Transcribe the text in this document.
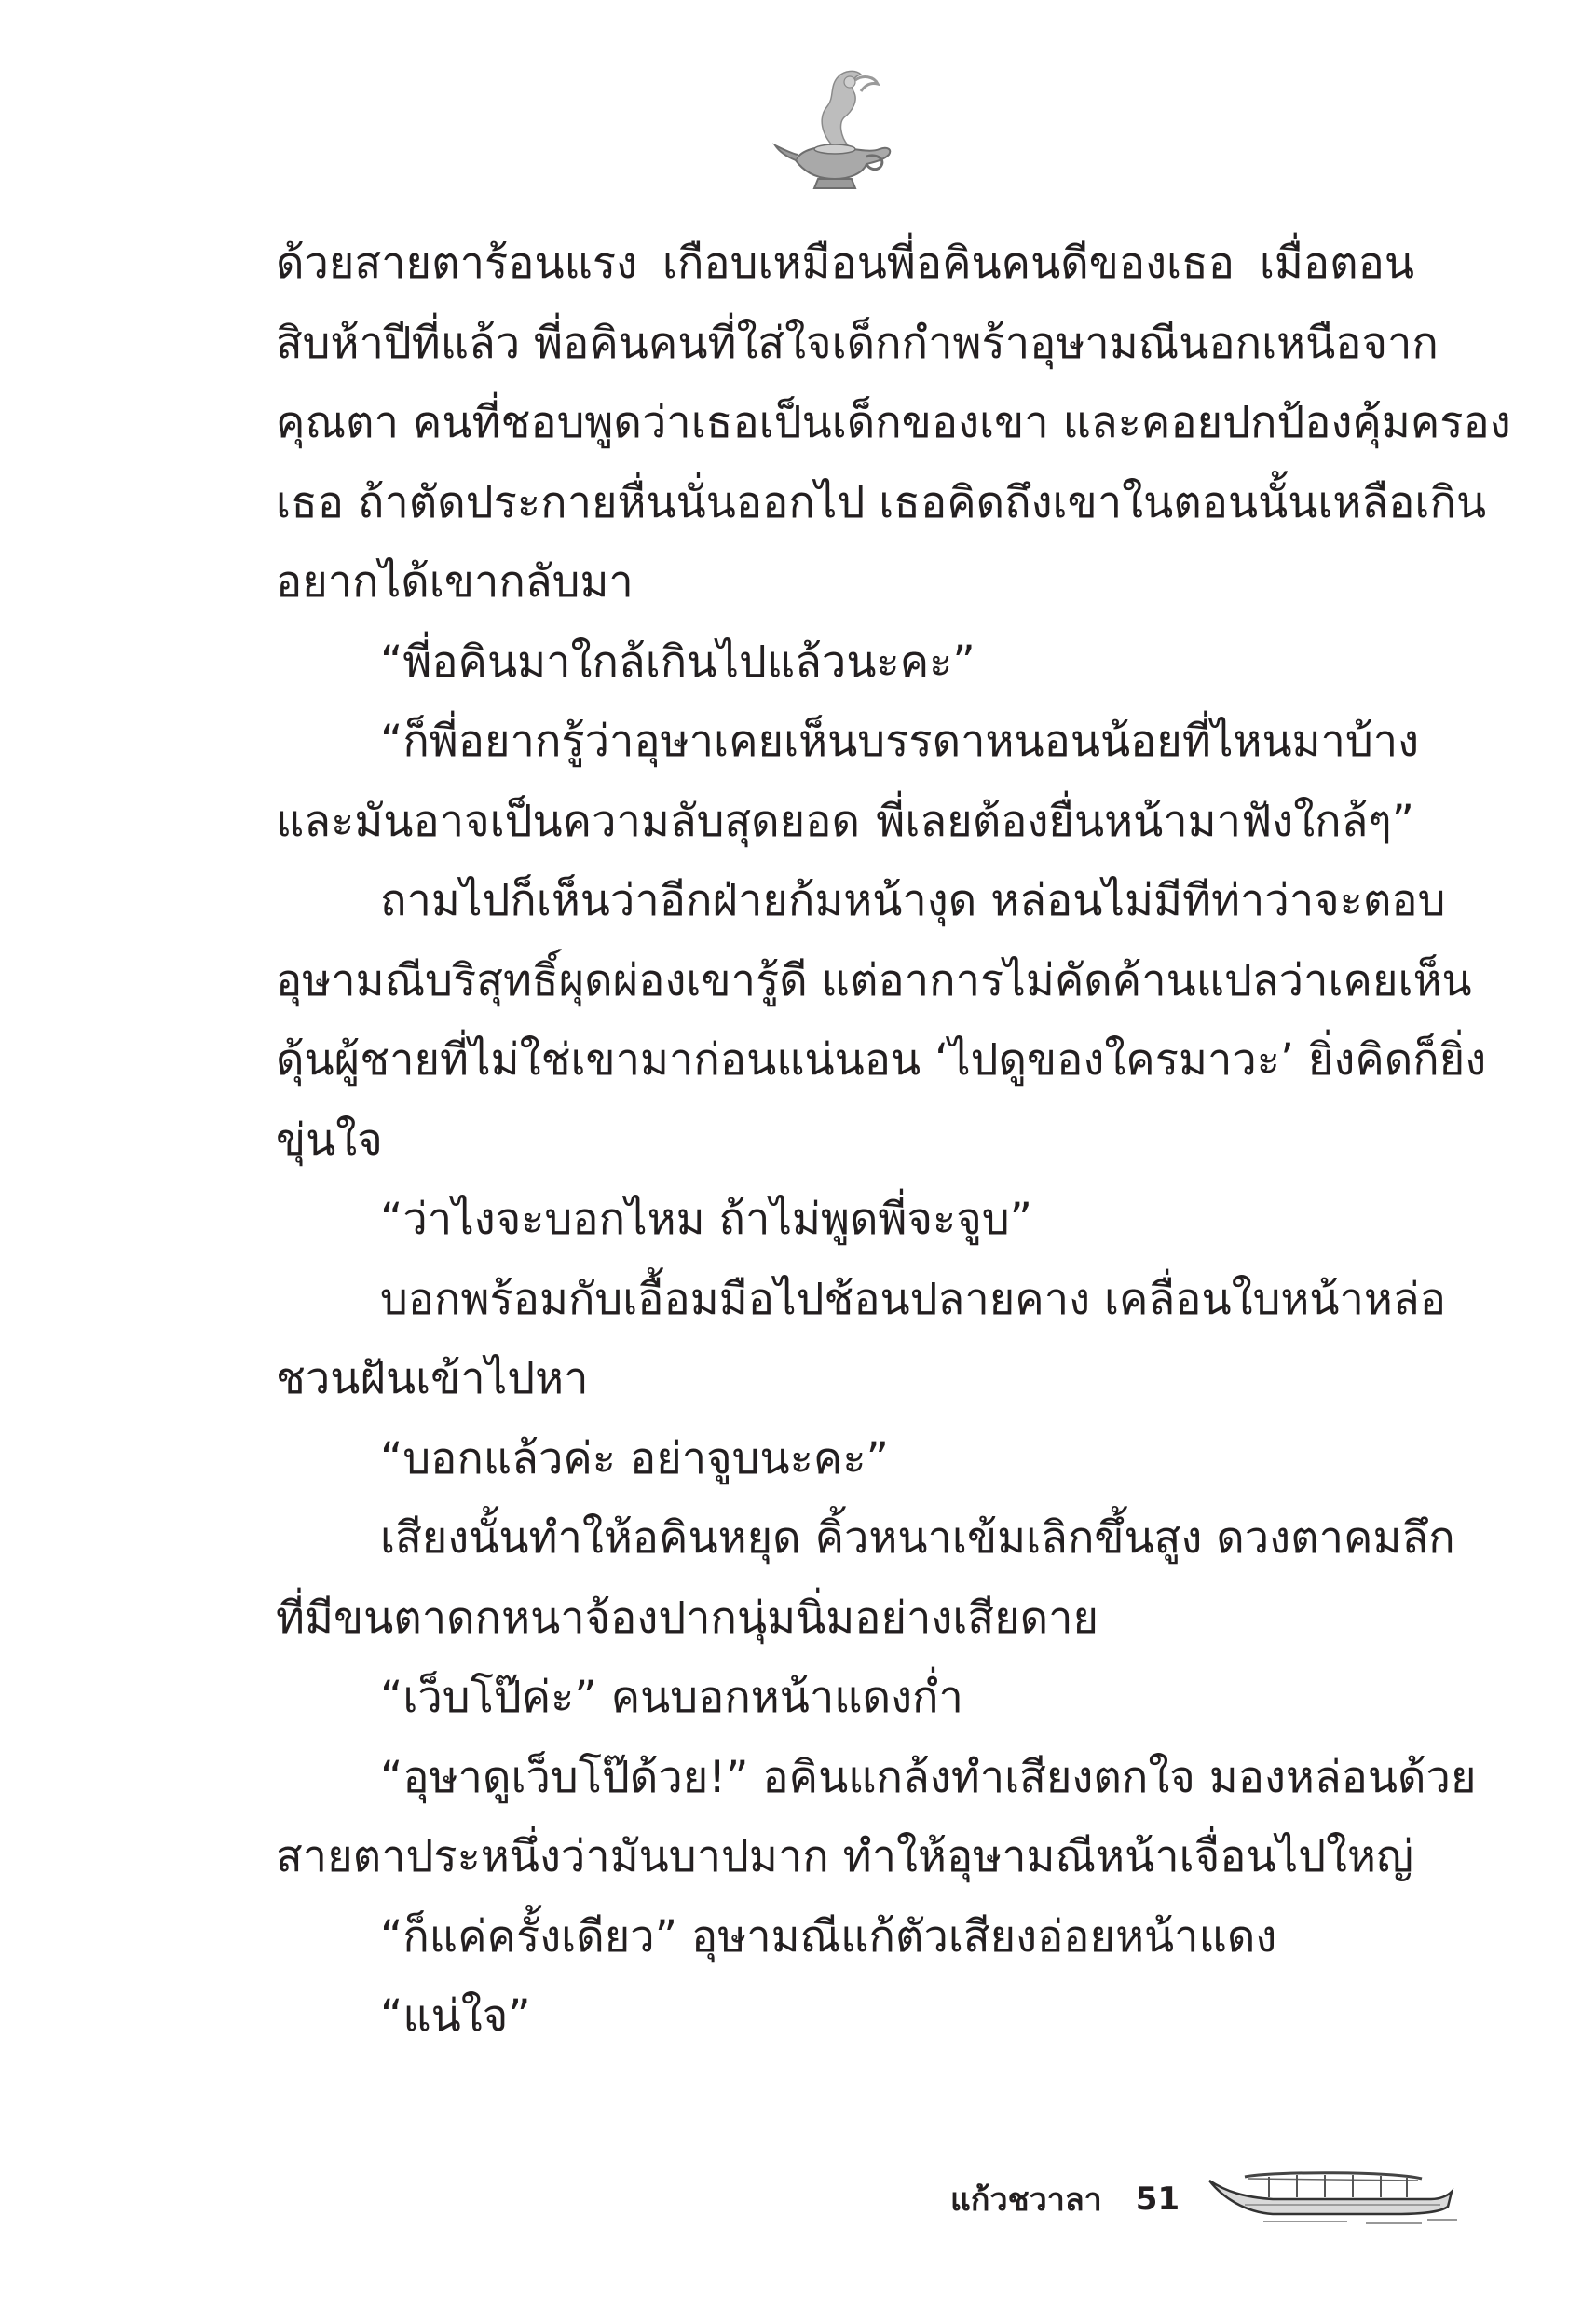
ด้วยสายตาร้อนแรง เกือบเหมือนพี่อคินคนดีของเธอ เมื่อตอน
สิบห้าปีที่แล้ว พี่อคินคนที่ใส่ใจเด็กกำพร้าอุษามณีนอกเหนือจาก
คุณตา คนที่ชอบพูดว่าเธอเป็นเด็กของเขา และคอยปกป้องคุ้มครอง
เธอ ถ้าตัดประกายหื่นนั่นออกไป เธอคิดถึงเขาในตอนนั้นเหลือเกิน
อยากได้เขากลับมา
“พี่อคินมาใกล้เกินไปแล้วนะคะ”
“ก็พี่อยากรู้ว่าอุษาเคยเห็นบรรดาหนอนน้อยที่ไหนมาบ้าง
และมันอาจเป็นความลับสุดยอด พี่เลยต้องยื่นหน้ามาฟังใกล้ๆ”
ถามไปก็เห็นว่าอีกฝ่ายก้มหน้างุด หล่อนไม่มีทีท่าว่าจะตอบ
อุษามณีบริสุทธิ์ผุดผ่องเขารู้ดี แต่อาการไม่คัดค้านแปลว่าเคยเห็น
ดุ้นผู้ชายที่ไม่ใช่เขามาก่อนแน่นอน ‘ไปดูของใครมาวะ’ ยิ่งคิดก็ยิ่ง
ขุ่นใจ
“ว่าไงจะบอกไหม ถ้าไม่พูดพี่จะจูบ”
บอกพร้อมกับเอื้อมมือไปช้อนปลายคาง เคลื่อนใบหน้าหล่อ
ชวนฝันเข้าไปหา
“บอกแล้วค่ะ อย่าจูบนะคะ”
เสียงนั้นทำให้อคินหยุด คิ้วหนาเข้มเลิกขึ้นสูง ดวงตาคมลึก
ที่มีขนตาดกหนาจ้องปากนุ่มนิ่มอย่างเสียดาย
“เว็บโป๊ค่ะ” คนบอกหน้าแดงก่ำ
“อุษาดูเว็บโป๊ด้วย!” อคินแกล้งทำเสียงตกใจ มองหล่อนด้วย
สายตาประหนึ่งว่ามันบาปมาก ทำให้อุษามณีหน้าเจื่อนไปใหญ่
“ก็แค่ครั้งเดียว” อุษามณีแก้ตัวเสียงอ่อยหน้าแดง
“แน่ใจ”
แก้วชวาลา 51
